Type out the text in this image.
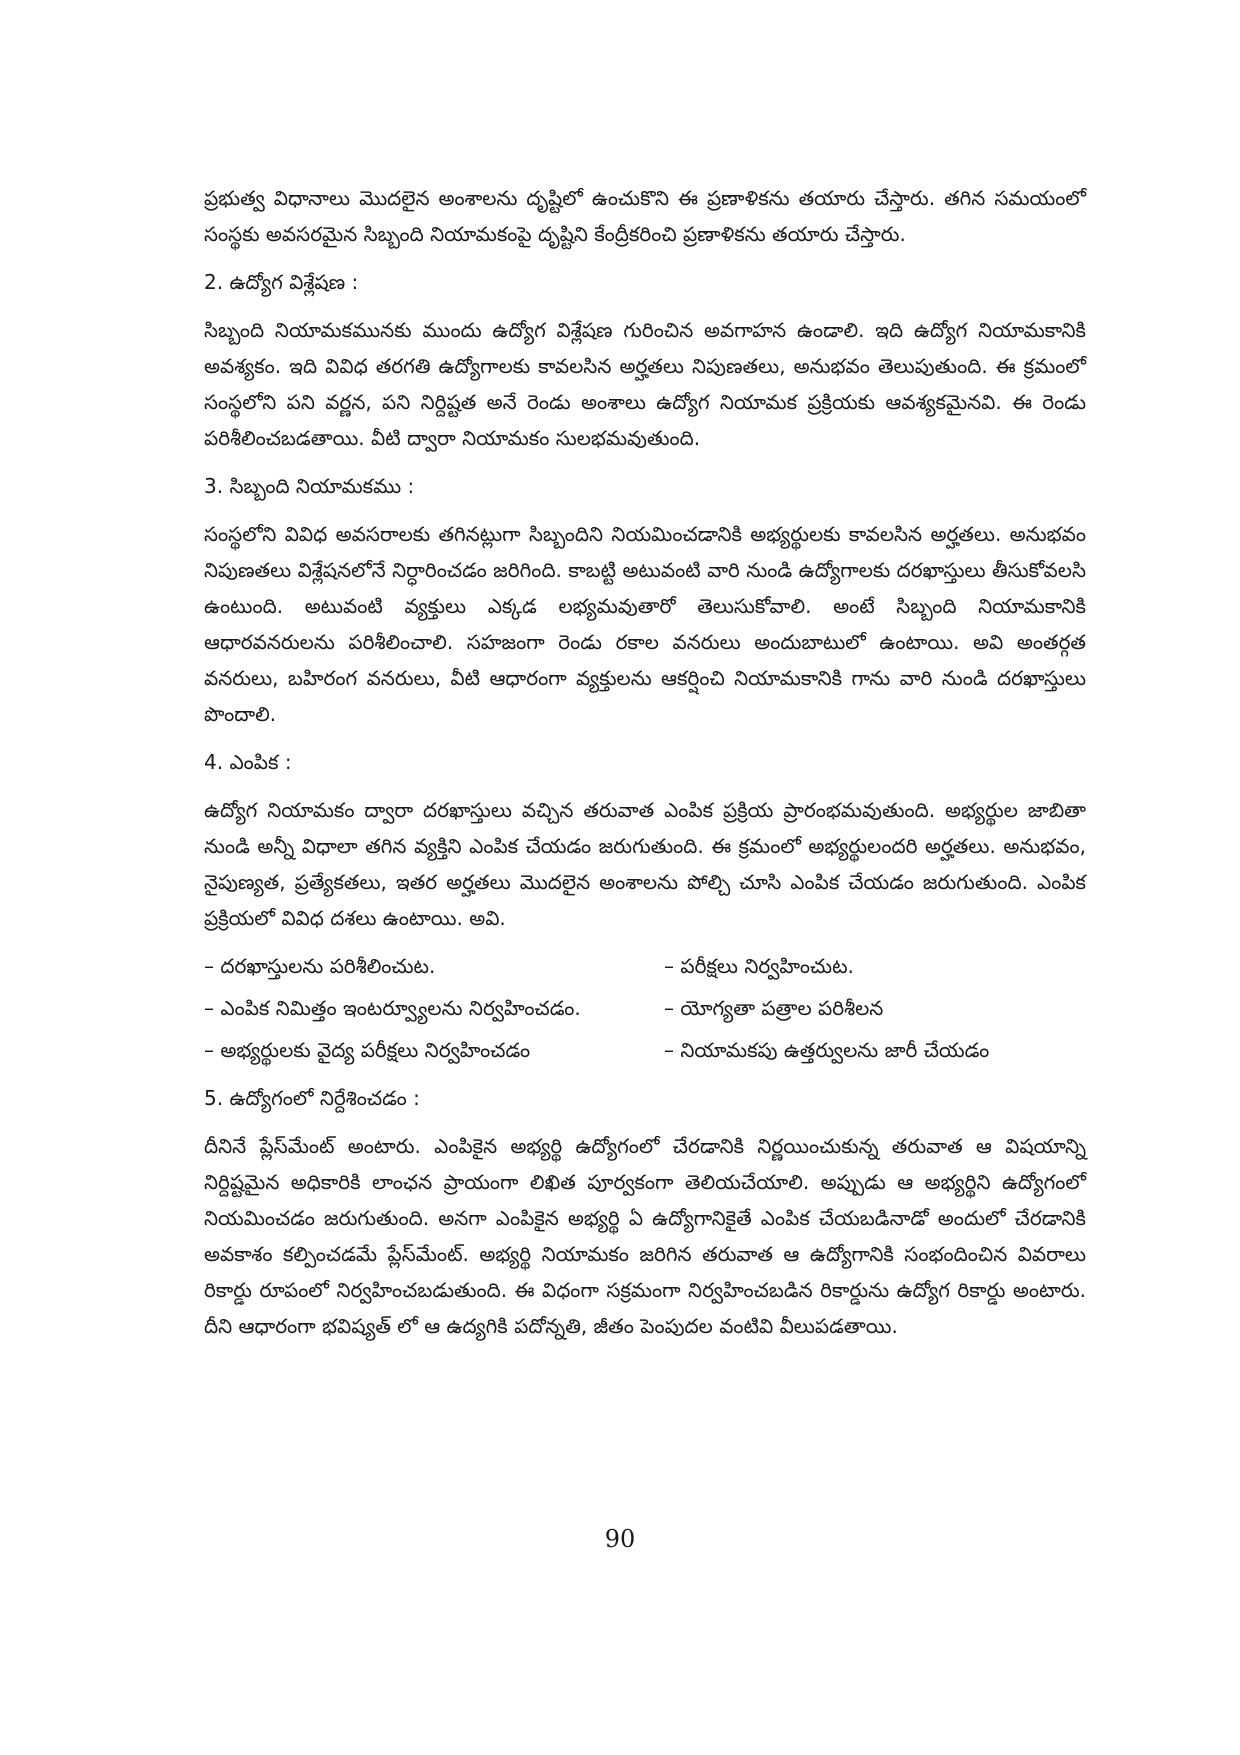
ప్రభుత్వ విధానాలు మొదలైన అంశాలను దృష్టిలో ఉంచుకొని ఈ ప్రణాళికను తయారు చేస్తారు. తగిన సమయంలో సంస్థకు అవసరమైన సిబ్బంది నియామకంపై దృష్టిని కేంద్రీకరించి ప్రణాళికను తయారు చేస్తారు.

2. ఉద్యోగ విశ్లేషణ :

సిబ్బంది నియామకమునకు ముందు ఉద్యోగ విశ్లేషణ గురించిన అవగాహన ఉండాలి. ఇది ఉద్యోగ నియామకానికి అవశ్యకం. ఇది వివిధ తరగతి ఉద్యోగాలకు కావలసిన అర్హతలు నిపుణతలు, అనుభవం తెలుపుతుంది. ఈ క్రమంలో సంస్థలోని పని వర్ణన, పని నిర్దిష్టత అనే రెండు అంశాలు ఉద్యోగ నియామక ప్రక్రియకు ఆవశ్యకమైనవి. ఈ రెండు పరిశీలించబడతాయి. వీటి ద్వారా నియామకం సులభమవుతుంది.

3. సిబ్బంది నియామకము :

సంస్థలోని వివిధ అవసరాలకు తగినట్లుగా సిబ్బందిని నియమించడానికి అభ్యర్థులకు కావలసిన అర్హతలు. అనుభవం నిపుణతలు విశ్లేషనలోనే నిర్ధారించడం జరిగింది. కాబట్టి అటువంటి వారి నుండి ఉద్యోగాలకు దరఖాస్తులు తీసుకోవలసి ఉంటుంది. అటువంటి వ్యక్తులు ఎక్కడ లభ్యమవుతారో తెలుసుకోవాలి. అంటే సిబ్బంది నియామకానికి ఆధారవనరులను పరిశీలించాలి. సహజంగా రెండు రకాల వనరులు అందుబాటులో ఉంటాయి. అవి అంతర్గత వనరులు, బహిరంగ వనరులు, వీటి ఆధారంగా వ్యక్తులను ఆకర్షించి నియామకానికి గాను వారి నుండి దరఖాస్తులు పొందాలి.

4. ఎంపిక :

ఉద్యోగ నియామకం ద్వారా దరఖాస్తులు వచ్చిన తరువాత ఎంపిక ప్రక్రియ ప్రారంభమవుతుంది. అభ్యర్థుల జాబితా నుండి అన్నీ విధాలా తగిన వ్యక్తిని ఎంపిక చేయడం జరుగుతుంది. ఈ క్రమంలో అభ్యర్థులందరి అర్హతలు. అనుభవం, నైపుణ్యత, ప్రత్యేకతలు, ఇతర అర్హతలు మొదలైన అంశాలను పోల్చి చూసి ఎంపిక చేయడం జరుగుతుంది. ఎంపిక ప్రక్రియలో వివిధ దశలు ఉంటాయి. అవి.

– దరఖాస్తులను పరిశీలించుట.	– పరీక్షలు నిర్వహించుట.
– ఎంపిక నిమిత్తం ఇంటర్వ్యూలను నిర్వహించడం.	– యోగ్యతా పత్రాల పరిశీలన
– అభ్యర్థులకు వైద్య పరీక్షలు నిర్వహించడం	– నియామకపు ఉత్తర్వులను జారీ చేయడం
5. ఉద్యోగంలో నిర్దేశించడం :

దీనినే ప్లేస్‌మేంట్ అంటారు. ఎంపికైన అభ్యర్థి ఉద్యోగంలో చేరడానికి నిర్ణయించుకున్న తరువాత ఆ విషయాన్ని నిర్దిష్టమైన అధికారికి లాంఛన ప్రాయంగా లిఖిత పూర్వకంగా తెలియచేయాలి. అప్పుడు ఆ అభ్యర్థిని ఉద్యోగంలో నియమించడం జరుగుతుంది. అనగా ఎంపికైన అభ్యర్థి ఏ ఉద్యోగానికైతే ఎంపిక చేయబడినాడో అందులో చేరడానికి అవకాశం కల్పించడమే ప్లేస్‌మేంట్. అభ్యర్థి నియామకం జరిగిన తరువాత ఆ ఉద్యోగానికి సంభందించిన వివరాలు రికార్డు రూపంలో నిర్వహించబడుతుంది. ఈ విధంగా సక్రమంగా నిర్వహించబడిన రికార్డును ఉద్యోగ రికార్డు అంటారు. దీని ఆధారంగా భవిష్యత్ లో ఆ ఉద్యగికి పదోన్నతి, జీతం పెంపుదల వంటివి వీలుపడతాయి.

90
